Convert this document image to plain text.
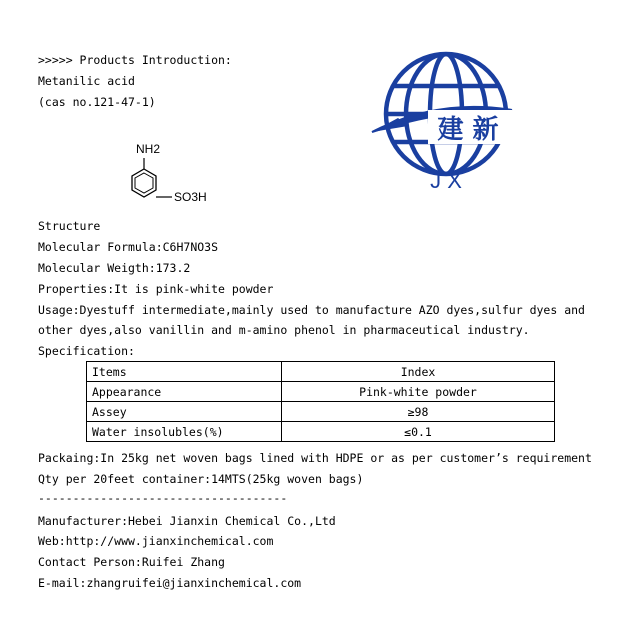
>>>>> Products Introduction:
Metanilic acid
(cas no.121-47-1)
NH2
SO3H
建 新
J X
Structure
Molecular Formula:C6H7NO3S
Molecular Weigth:173.2
Properties:It is pink-white powder
Usage:Dyestuff intermediate,mainly used to manufacture AZO dyes,sulfur dyes and
other dyes,also vanillin and m-amino phenol in pharmaceutical industry.
Specification:
Items	Index
Appearance	Pink-white powder
Assey	≥98
Water insolubles(%)	≤0.1
Packaing:In 25kg net woven bags lined with HDPE or as per customer’s requirement
Qty per 20feet container:14MTS(25kg woven bags)
------------------------------------
Manufacturer:Hebei Jianxin Chemical Co.,Ltd
Web:http://www.jianxinchemical.com
Contact Person:Ruifei Zhang
E-mail:zhangruifei@jianxinchemical.com
